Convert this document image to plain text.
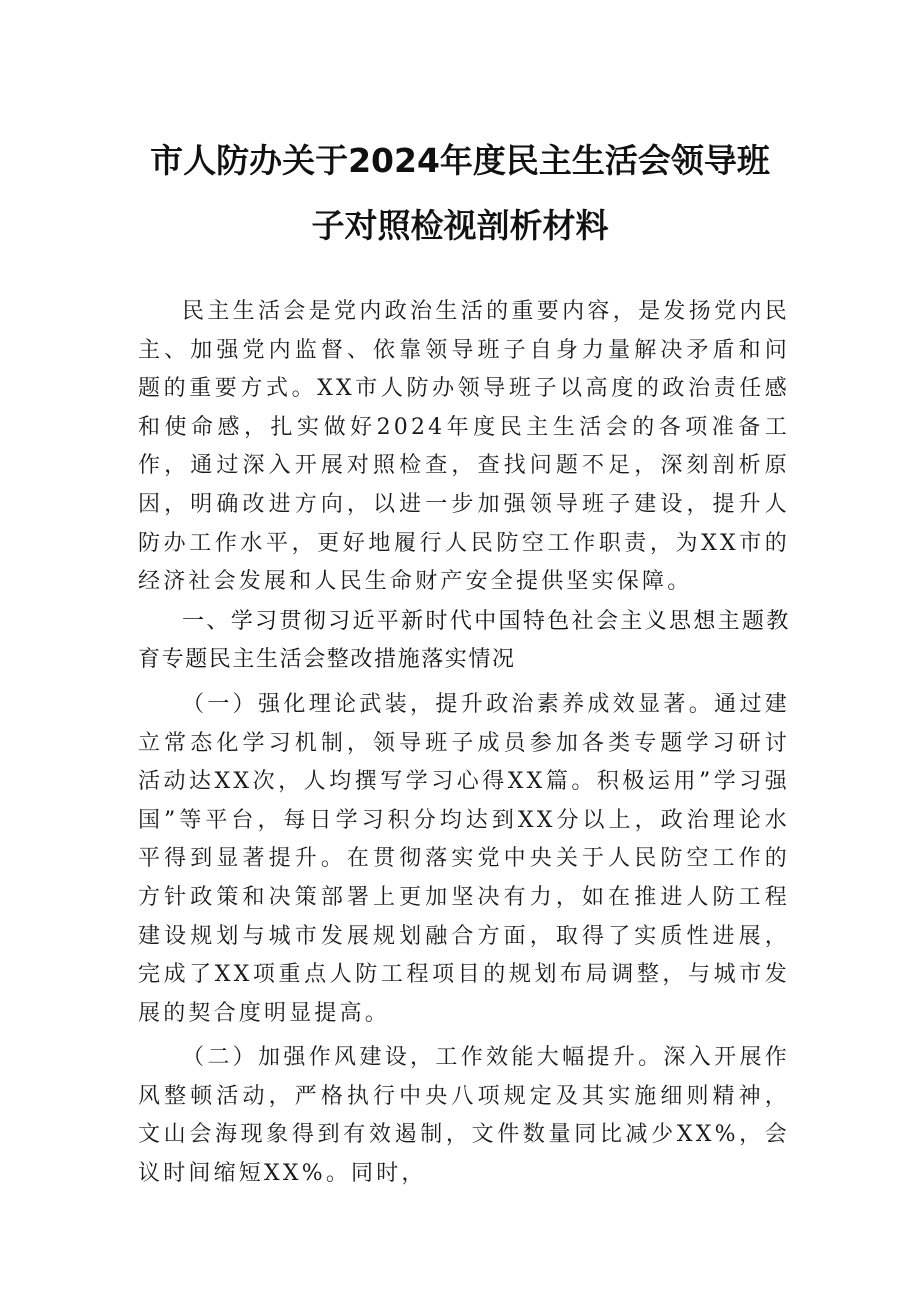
市人防办关于2024年度民主生活会领导班
子对照检视剖析材料

民主生活会是党内政治生活的重要内容，是发扬党内民主、加强党内监督、依靠领导班子自身力量解决矛盾和问题的重要方式。XX市人防办领导班子以高度的政治责任感和使命感，扎实做好2024年度民主生活会的各项准备工作，通过深入开展对照检查，查找问题不足，深刻剖析原因，明确改进方向，以进一步加强领导班子建设，提升人防办工作水平，更好地履行人民防空工作职责，为XX市的经济社会发展和人民生命财产安全提供坚实保障。

一、学习贯彻习近平新时代中国特色社会主义思想主题教育专题民主生活会整改措施落实情况

（一）强化理论武装，提升政治素养成效显著。通过建立常态化学习机制，领导班子成员参加各类专题学习研讨活动达XX次，人均撰写学习心得XX篇。积极运用”学习强国”等平台，每日学习积分均达到XX分以上，政治理论水平得到显著提升。在贯彻落实党中央关于人民防空工作的方针政策和决策部署上更加坚决有力，如在推进人防工程建设规划与城市发展规划融合方面，取得了实质性进展，完成了XX项重点人防工程项目的规划布局调整，与城市发展的契合度明显提高。

（二）加强作风建设，工作效能大幅提升。深入开展作风整顿活动，严格执行中央八项规定及其实施细则精神，文山会海现象得到有效遏制，文件数量同比减少XX%，会议时间缩短XX%。同时，
